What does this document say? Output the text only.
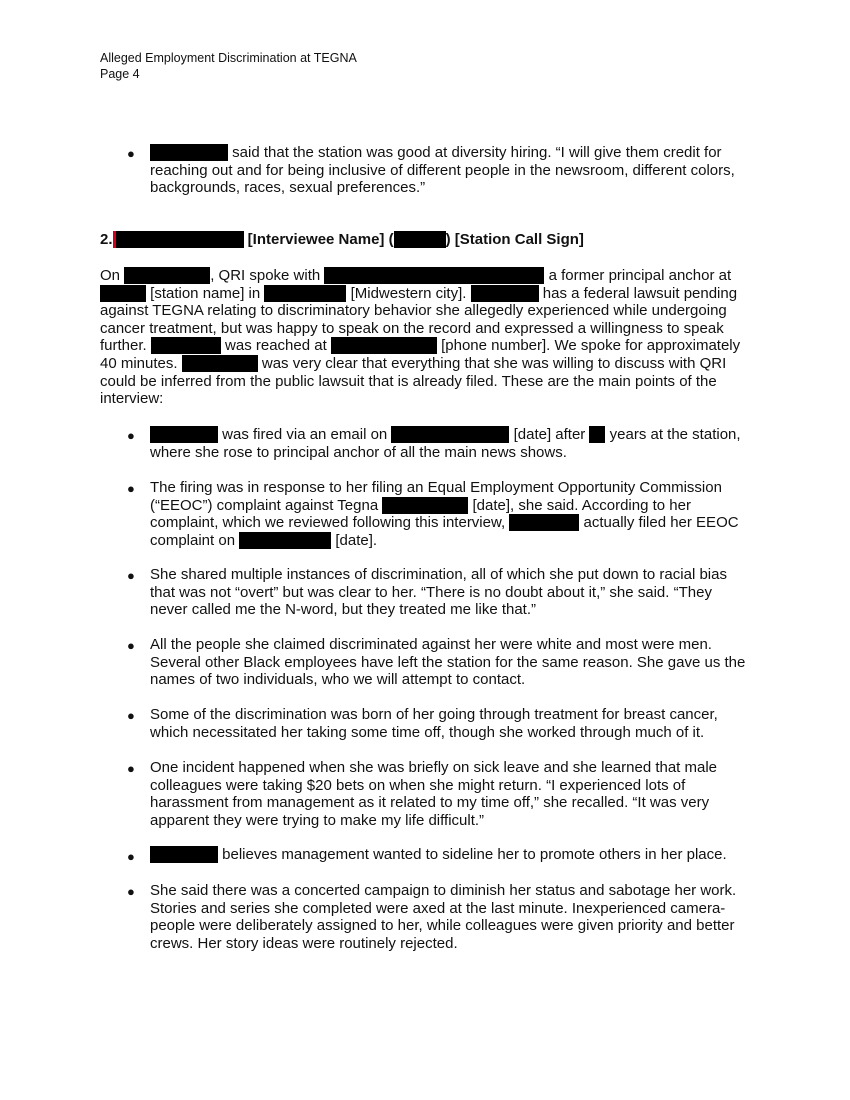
Alleged Employment Discrimination at TEGNA
Page 4
●	said that the station was good at diversity hiring. “I will give them credit for reaching out and for being inclusive of different people in the newsroom, different colors, backgrounds, races, sexual preferences.”
2.	[Interviewee Name] (	) [Station Call Sign]
On	, QRI spoke with	a former principal anchor at  [station name] in	[Midwestern city].	has a federal lawsuit pending against TEGNA relating to discriminatory behavior she allegedly experienced while undergoing cancer treatment, but was happy to speak on the record and expressed a willingness to speak further.	was reached at	[phone number]. We spoke for approximately 40 minutes.	was very clear that everything that she was willing to discuss with QRI could be inferred from the public lawsuit that is already filed. These are the main points of the interview:
●	was fired via an email on	[date] after  years at the station, where she rose to principal anchor of all the main news shows.
● The firing was in response to her filing an Equal Employment Opportunity Commission (“EEOC”) complaint against Tegna	[date], she said. According to her complaint, which we reviewed following this interview,	actually filed her EEOC complaint on	[date].
● She shared multiple instances of discrimination, all of which she put down to racial bias that was not “overt” but was clear to her. “There is no doubt about it,” she said. “They never called me the N-word, but they treated me like that.”
● All the people she claimed discriminated against her were white and most were men. Several other Black employees have left the station for the same reason. She gave us the names of two individuals, who we will attempt to contact.
● Some of the discrimination was born of her going through treatment for breast cancer, which necessitated her taking some time off, though she worked through much of it.
● One incident happened when she was briefly on sick leave and she learned that male colleagues were taking $20 bets on when she might return. “I experienced lots of harassment from management as it related to my time off,” she recalled. “It was very apparent they were trying to make my life difficult.”
●	believes management wanted to sideline her to promote others in her place.
● She said there was a concerted campaign to diminish her status and sabotage her work. Stories and series she completed were axed at the last minute. Inexperienced camera-people were deliberately assigned to her, while colleagues were given priority and better crews. Her story ideas were routinely rejected.
